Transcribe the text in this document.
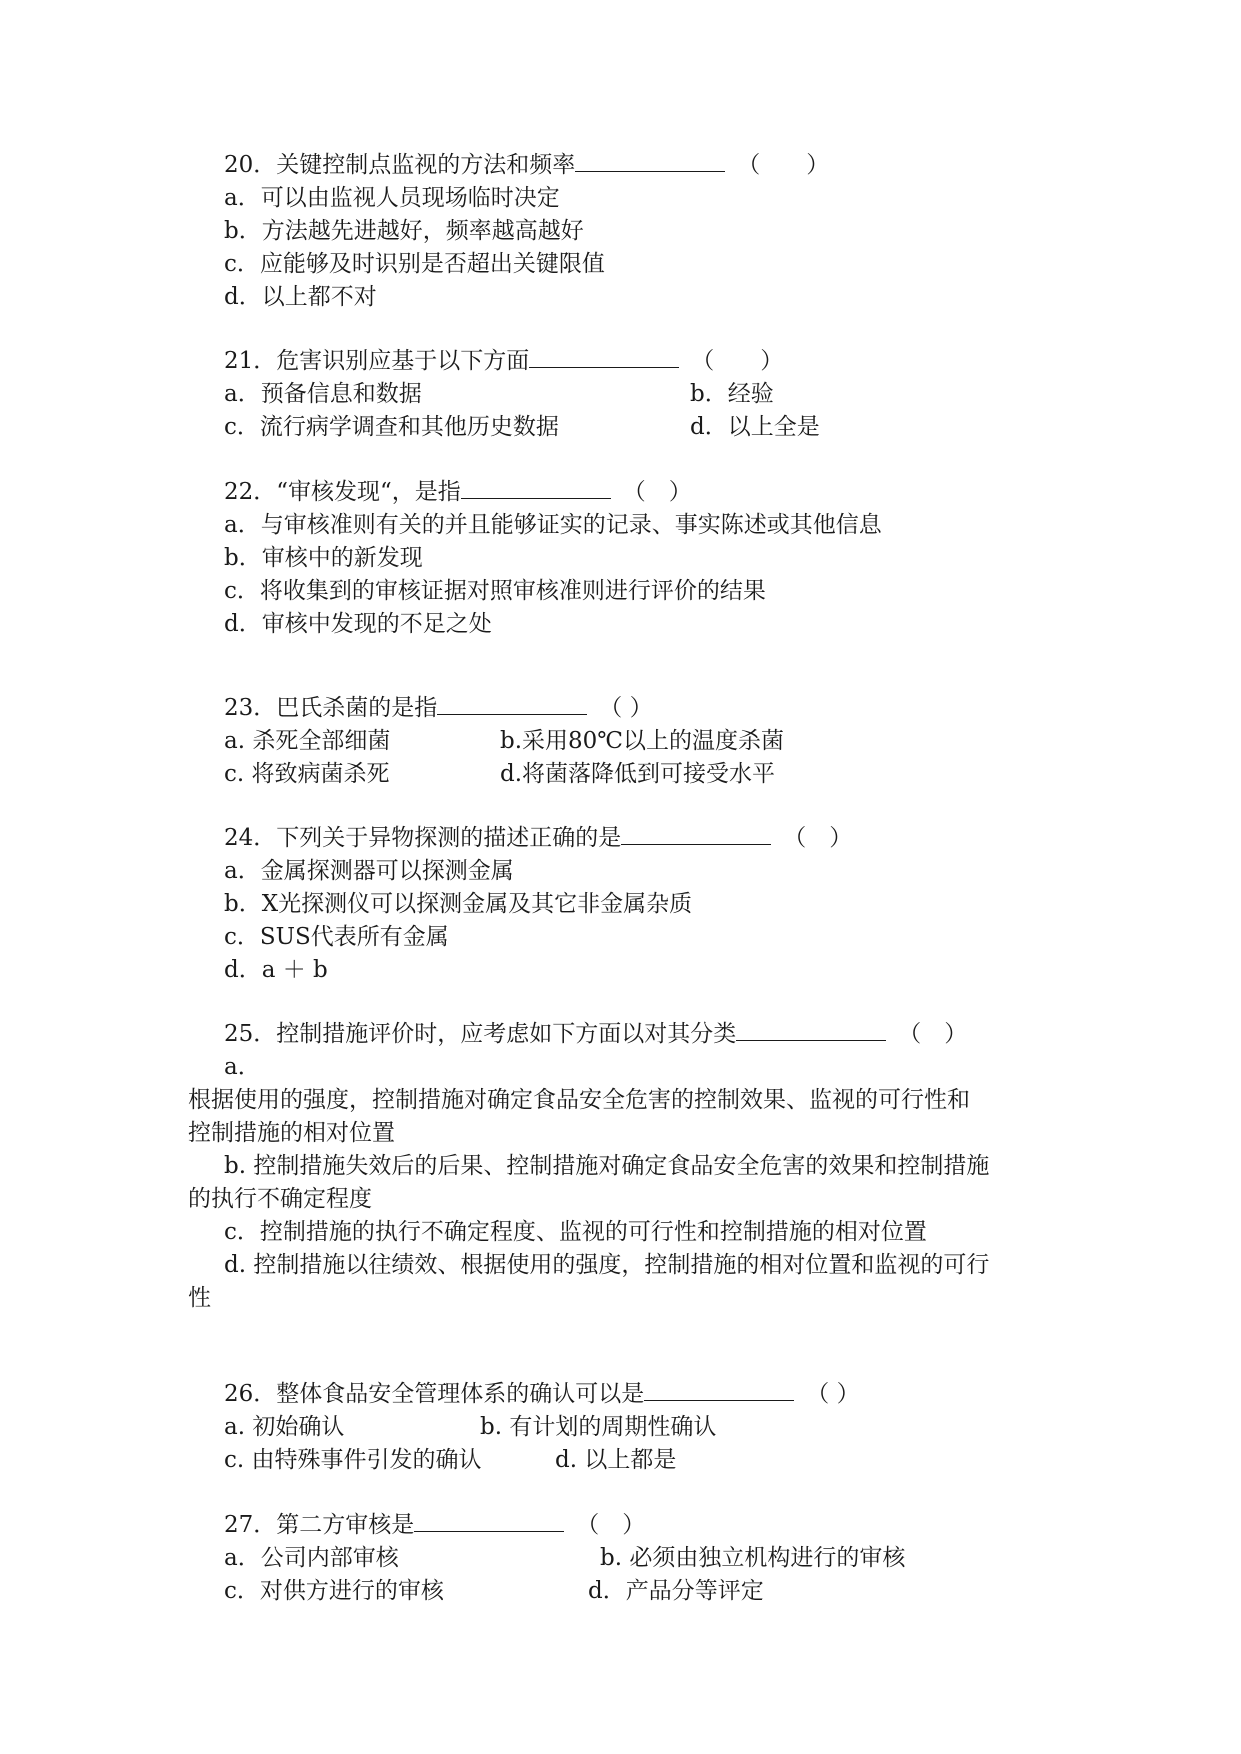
20．关键控制点监视的方法和频率	（　　）
a．可以由监视人员现场临时决定
b．方法越先进越好，频率越高越好
c．应能够及时识别是否超出关键限值
d．以上都不对
21．危害识别应基于以下方面	（　　）
a．预备信息和数据	b．经验
c．流行病学调查和其他历史数据	d．以上全是
22．“审核发现“，是指	（　）
a．与审核准则有关的并且能够证实的记录、事实陈述或其他信息
b．审核中的新发现
c．将收集到的审核证据对照审核准则进行评价的结果
d．审核中发现的不足之处
23．巴氏杀菌的是指	（ ）
a. 杀死全部细菌	b.采用80℃以上的温度杀菌
c. 将致病菌杀死	d.将菌落降低到可接受水平
24．下列关于异物探测的描述正确的是	（　）
a．金属探测器可以探测金属
b．X光探测仪可以探测金属及其它非金属杂质
c．SUS代表所有金属
d．a ＋ b
25．控制措施评价时，应考虑如下方面以对其分类	（　）
a．
根据使用的强度，控制措施对确定食品安全危害的控制效果、监视的可行性和
控制措施的相对位置
b. 控制措施失效后的后果、控制措施对确定食品安全危害的效果和控制措施
的执行不确定程度
c．控制措施的执行不确定程度、监视的可行性和控制措施的相对位置
d. 控制措施以往绩效、根据使用的强度，控制措施的相对位置和监视的可行
性
26．整体食品安全管理体系的确认可以是	（ ）
a. 初始确认	b. 有计划的周期性确认
c. 由特殊事件引发的确认	d. 以上都是
27．第二方审核是	（　）
a．公司内部审核	b. 必须由独立机构进行的审核
c．对供方进行的审核	d．产品分等评定
